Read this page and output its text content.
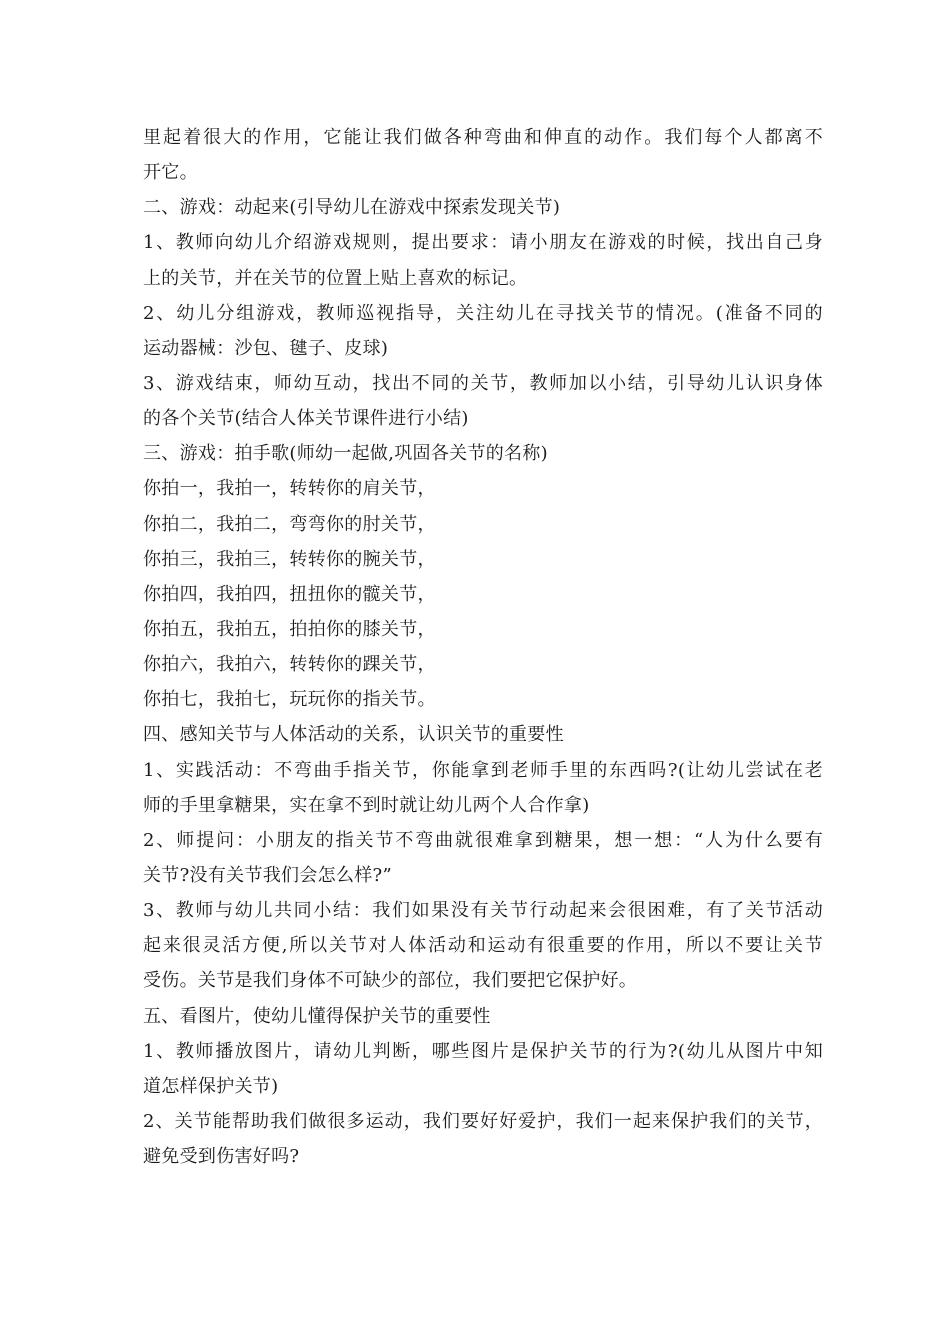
里起着很大的作用，它能让我们做各种弯曲和伸直的动作。我们每个人都离不
开它。
二、游戏：动起来(引导幼儿在游戏中探索发现关节)
1、教师向幼儿介绍游戏规则，提出要求：请小朋友在游戏的时候，找出自己身
上的关节，并在关节的位置上贴上喜欢的标记。
2、幼儿分组游戏，教师巡视指导，关注幼儿在寻找关节的情况。(准备不同的
运动器械：沙包、毽子、皮球)
3、游戏结束，师幼互动，找出不同的关节，教师加以小结，引导幼儿认识身体
的各个关节(结合人体关节课件进行小结)
三、游戏：拍手歌(师幼一起做,巩固各关节的名称)
你拍一，我拍一，转转你的肩关节，
你拍二，我拍二，弯弯你的肘关节，
你拍三，我拍三，转转你的腕关节，
你拍四，我拍四，扭扭你的髋关节，
你拍五，我拍五，拍拍你的膝关节，
你拍六，我拍六，转转你的踝关节，
你拍七，我拍七，玩玩你的指关节。
四、感知关节与人体活动的关系，认识关节的重要性
1、实践活动：不弯曲手指关节，你能拿到老师手里的东西吗?(让幼儿尝试在老
师的手里拿糖果，实在拿不到时就让幼儿两个人合作拿)
2、师提问：小朋友的指关节不弯曲就很难拿到糖果，想一想：“人为什么要有
关节?没有关节我们会怎么样?”
3、教师与幼儿共同小结：我们如果没有关节行动起来会很困难，有了关节活动
起来很灵活方便,所以关节对人体活动和运动有很重要的作用，所以不要让关节
受伤。关节是我们身体不可缺少的部位，我们要把它保护好。
五、看图片，使幼儿懂得保护关节的重要性
1、教师播放图片，请幼儿判断，哪些图片是保护关节的行为?(幼儿从图片中知
道怎样保护关节)
2、关节能帮助我们做很多运动，我们要好好爱护，我们一起来保护我们的关节，
避免受到伤害好吗?
